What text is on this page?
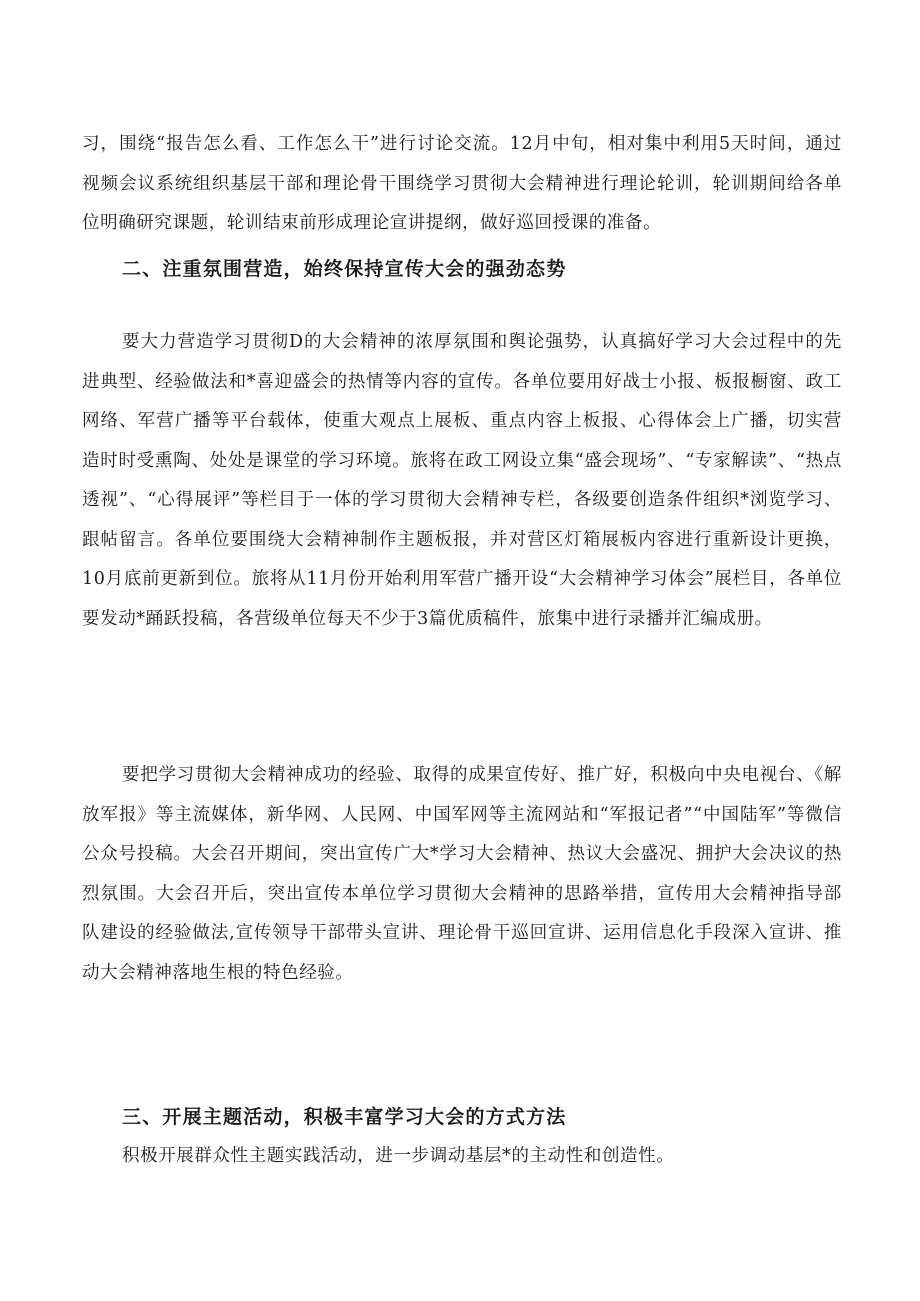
习，围绕“报告怎么看、工作怎么干”进行讨论交流。12月中旬，相对集中利用5天时间，通过视频会议系统组织基层干部和理论骨干围绕学习贯彻大会精神进行理论轮训，轮训期间给各单位明确研究课题，轮训结束前形成理论宣讲提纲，做好巡回授课的准备。

二、注重氛围营造，始终保持宣传大会的强劲态势

要大力营造学习贯彻D的大会精神的浓厚氛围和舆论强势，认真搞好学习大会过程中的先进典型、经验做法和*喜迎盛会的热情等内容的宣传。各单位要用好战士小报、板报橱窗、政工网络、军营广播等平台载体，使重大观点上展板、重点内容上板报、心得体会上广播，切实营造时时受熏陶、处处是课堂的学习环境。旅将在政工网设立集“盛会现场”、“专家解读”、“热点透视”、“心得展评”等栏目于一体的学习贯彻大会精神专栏，各级要创造条件组织*浏览学习、跟帖留言。各单位要围绕大会精神制作主题板报，并对营区灯箱展板内容进行重新设计更换，10月底前更新到位。旅将从11月份开始利用军营广播开设“大会精神学习体会”展栏目，各单位要发动*踊跃投稿，各营级单位每天不少于3篇优质稿件，旅集中进行录播并汇编成册。

要把学习贯彻大会精神成功的经验、取得的成果宣传好、推广好，积极向中央电视台、《解放军报》等主流媒体，新华网、人民网、中国军网等主流网站和“军报记者”“中国陆军”等微信公众号投稿。大会召开期间，突出宣传广大*学习大会精神、热议大会盛况、拥护大会决议的热烈氛围。大会召开后，突出宣传本单位学习贯彻大会精神的思路举措，宣传用大会精神指导部队建设的经验做法,宣传领导干部带头宣讲、理论骨干巡回宣讲、运用信息化手段深入宣讲、推动大会精神落地生根的特色经验。

三、开展主题活动，积极丰富学习大会的方式方法

积极开展群众性主题实践活动，进一步调动基层*的主动性和创造性。
